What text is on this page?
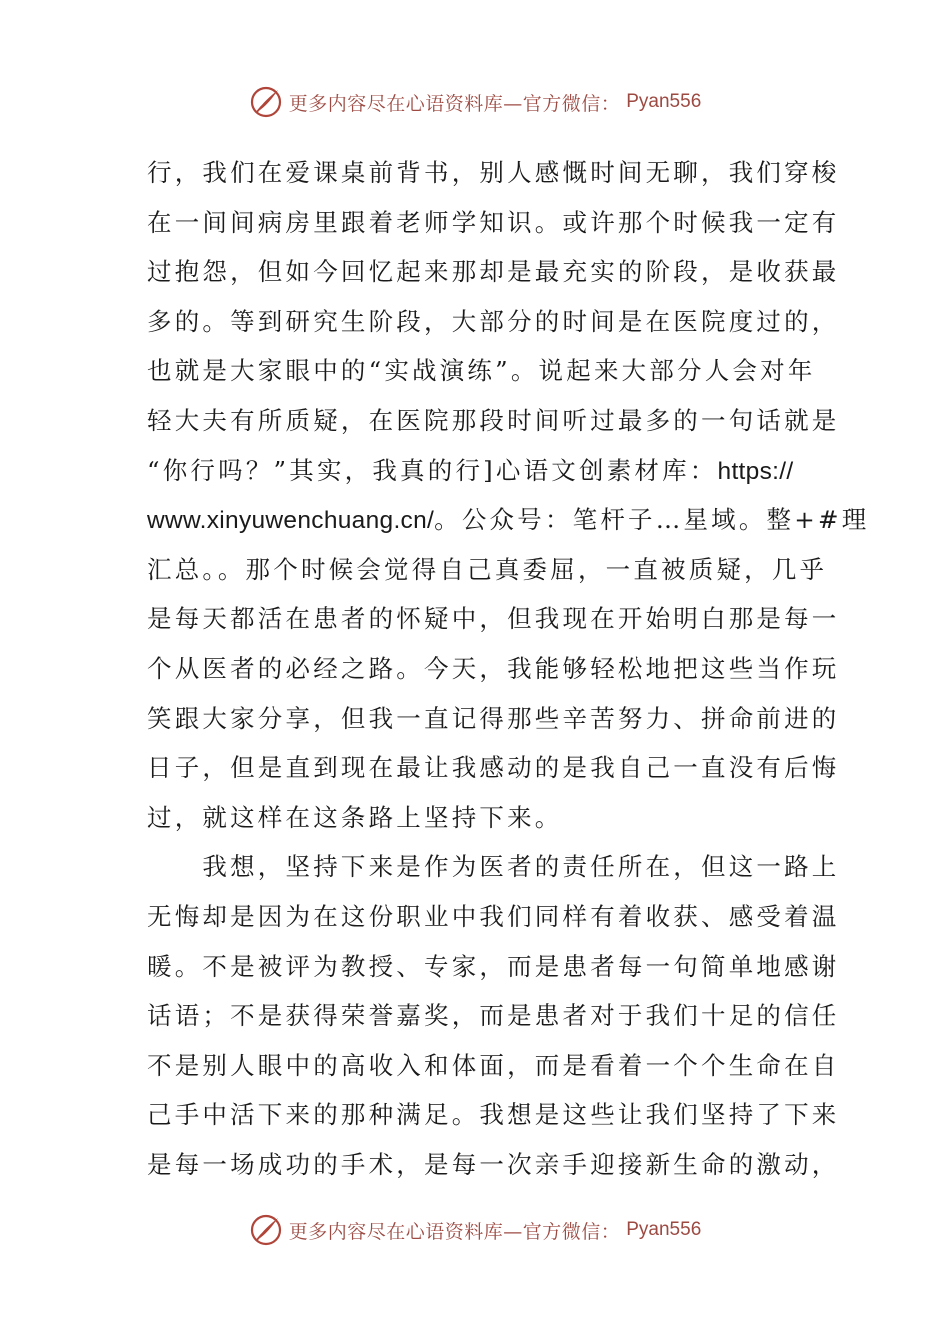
更多内容尽在心语资料库—官方微信： Pyan556
行，我们在爱课桌前背书，别人感慨时间无聊，我们穿梭
在一间间病房里跟着老师学知识。或许那个时候我一定有
过抱怨，但如今回忆起来那却是最充实的阶段，是收获最
多的。等到研究生阶段，大部分的时间是在医院度过的，
也就是大家眼中的“实战演练”。说起来大部分人会对年
轻大夫有所质疑，在医院那段时间听过最多的一句话就是
“你行吗？”其实，我真的行]心语文创素材库：https://
www.xinyuwenchuang.cn/。公众号：笔杆子…星域。整+#理
汇总。。那个时候会觉得自己真委屈，一直被质疑，几乎
是每天都活在患者的怀疑中，但我现在开始明白那是每一
个从医者的必经之路。今天，我能够轻松地把这些当作玩
笑跟大家分享，但我一直记得那些辛苦努力、拼命前进的
日子，但是直到现在最让我感动的是我自己一直没有后悔
过，就这样在这条路上坚持下来。
　　我想，坚持下来是作为医者的责任所在，但这一路上
无悔却是因为在这份职业中我们同样有着收获、感受着温
暖。不是被评为教授、专家，而是患者每一句简单地感谢
话语；不是获得荣誉嘉奖，而是患者对于我们十足的信任
不是别人眼中的高收入和体面，而是看着一个个生命在自
己手中活下来的那种满足。我想是这些让我们坚持了下来
是每一场成功的手术，是每一次亲手迎接新生命的激动，
更多内容尽在心语资料库—官方微信： Pyan556
